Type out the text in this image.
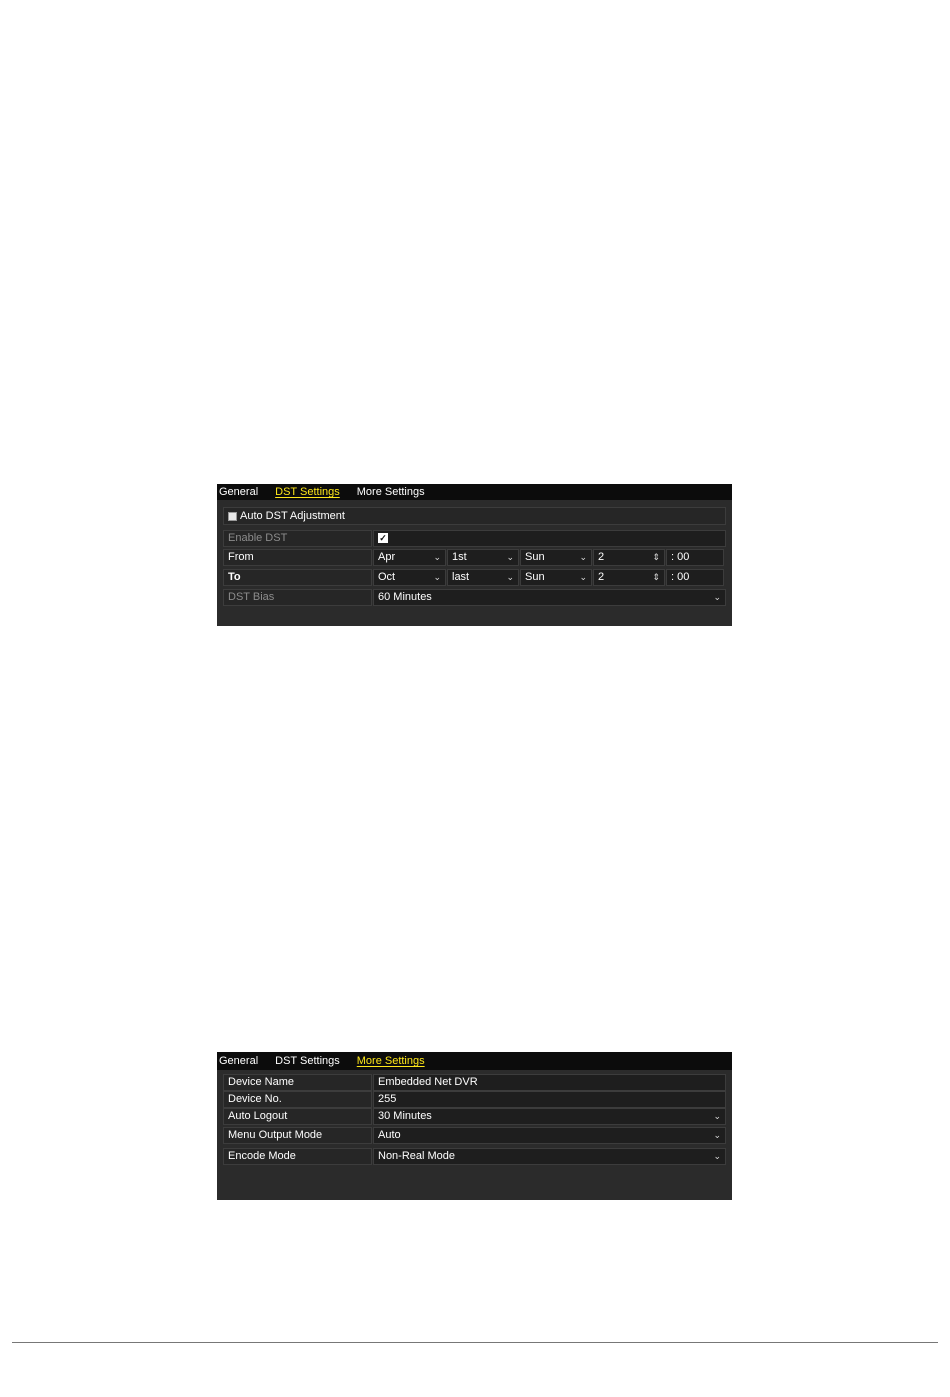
General DST Settings More Settings
Auto DST Adjustment
Enable DST	✓
From	Apr	⌄	1st	⌄	Sun	⌄	2	⇕	: 00
To	Oct	⌄	last	⌄	Sun	⌄	2	⇕	: 00
DST Bias	60 Minutes	⌄
General DST Settings More Settings
Device Name	Embedded Net DVR
Device No.	255
Auto Logout	30 Minutes	⌄
Menu Output Mode	Auto	⌄
Encode Mode	Non-Real Mode	⌄
